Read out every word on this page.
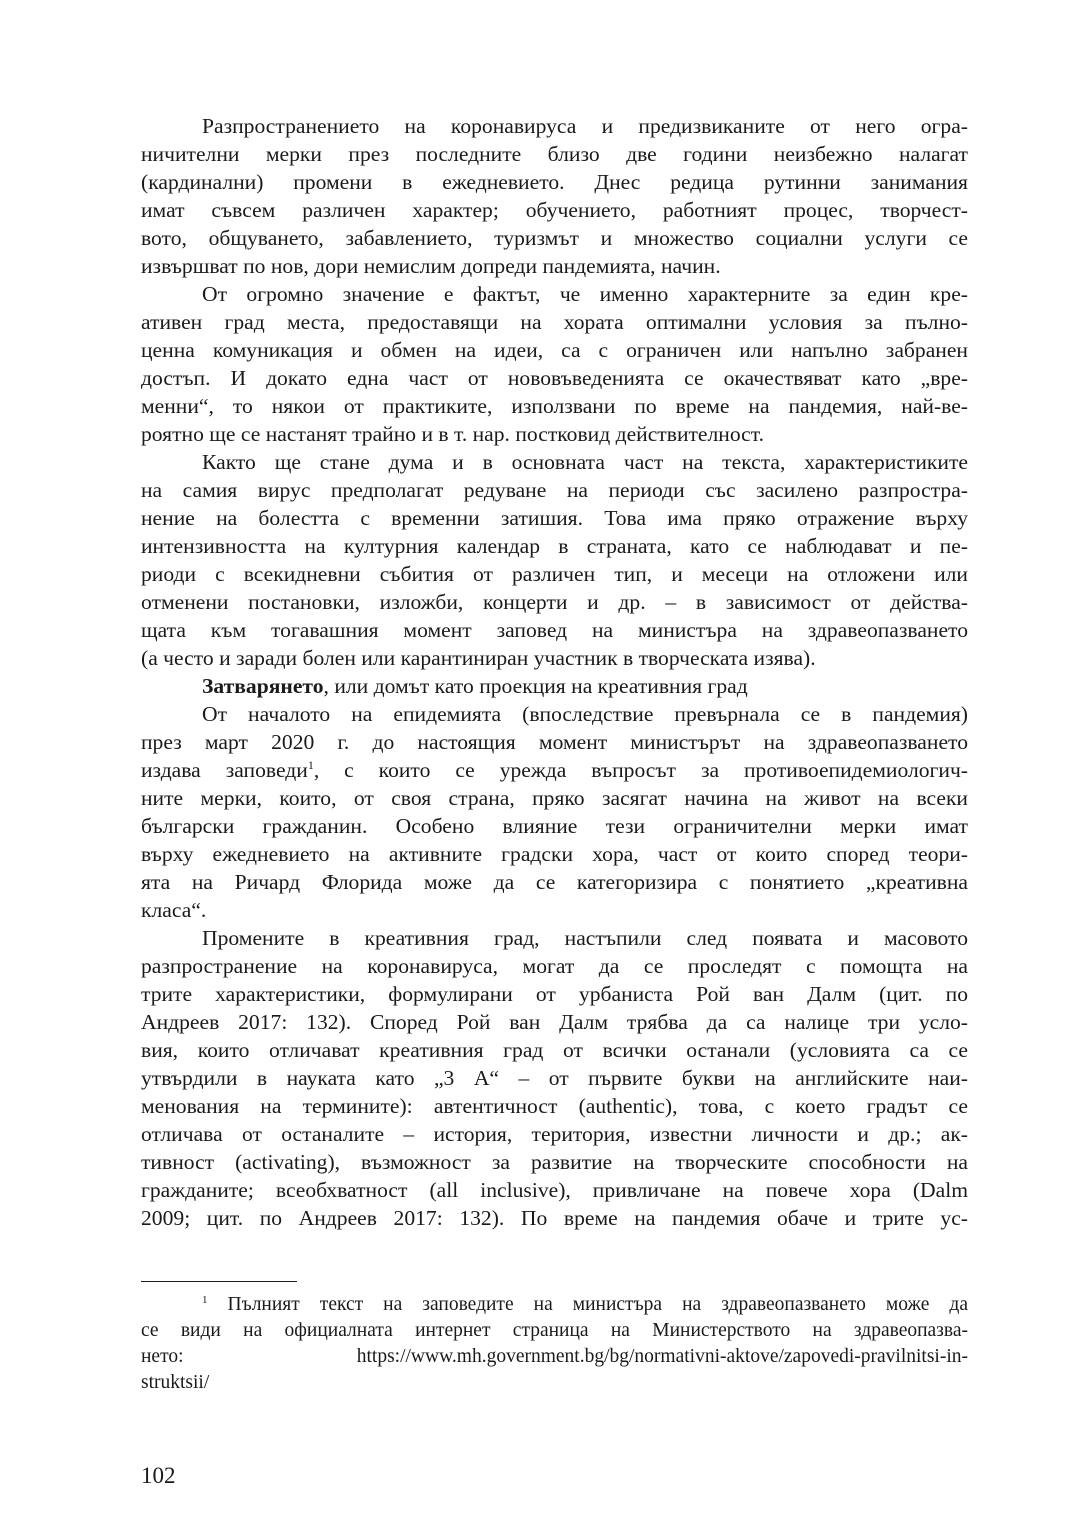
Разпространението на коронавируса и предизвиканите от него огра-
ничителни мерки през последните близо две години неизбежно налагат
(кардинални) промени в ежедневието. Днес редица рутинни занимания
имат съвсем различен характер; обучението, работният процес, творчест-
вото, общуването, забавлението, туризмът и множество социални услуги се
извършват по нов, дори немислим допреди пандемията, начин.
От огромно значение е фактът, че именно характерните за един кре-
ативен град места, предоставящи на хората оптимални условия за пълно-
ценна комуникация и обмен на идеи, са с ограничен или напълно забранен
достъп. И докато една част от нововъведенията се окачествяват като „вре-
менни“, то някои от практиките, използвани по време на пандемия, най-ве-
роятно ще се настанят трайно и в т. нар. постковид действителност.
Както ще стане дума и в основната част на текста, характеристиките
на самия вирус предполагат редуване на периоди със засилено разпростра-
нение на болестта с временни затишия. Това има пряко отражение върху
интензивността на културния календар в страната, като се наблюдават и пе-
риоди с всекидневни събития от различен тип, и месеци на отложени или
отменени постановки, изложби, концерти и др. – в зависимост от действа-
щата към тогавашния момент заповед на министъра на здравеопазването
(а често и заради болен или карантиниран участник в творческата изява).
Затварянето, или домът като проекция на креативния град
От началото на епидемията (впоследствие превърнала се в пандемия)
през март 2020 г. до настоящия момент министърът на здравеопазването
издава заповеди$^1$, с които се урежда въпросът за противоепидемиологич-
ните мерки, които, от своя страна, пряко засягат начина на живот на всеки
български гражданин. Особено влияние тези ограничителни мерки имат
върху ежедневието на активните градски хора, част от които според теори-
ята на Ричард Флорида може да се категоризира с понятието „креативна
класа“.
Промените в креативния град, настъпили след появата и масовото
разпространение на коронавируса, могат да се проследят с помощта на
трите характеристики, формулирани от урбаниста Рой ван Далм (цит. по
Андреев 2017: 132). Според Рой ван Далм трябва да са налице три усло-
вия, които отличават креативния град от всички останали (условията са се
утвърдили в науката като „3 А“ – от първите букви на английските наи-
менования на термините): автентичност (authentic), това, с което градът се
отличава от останалите – история, територия, известни личности и др.; ак-
тивност (activating), възможност за развитие на творческите способности на
гражданите; всеобхватност (all inclusive), привличане на повече хора (Dalm
2009; цит. по Андреев 2017: 132). По време на пандемия обаче и трите ус-
$^1$ Пълният текст на заповедите на министъра на здравеопазването може да
се види на официалната интернет страница на Министерството на здравеопазва-
нето: https://www.mh.government.bg/bg/normativni-aktove/zapovedi-pravilnitsi-in-
struktsii/
102
